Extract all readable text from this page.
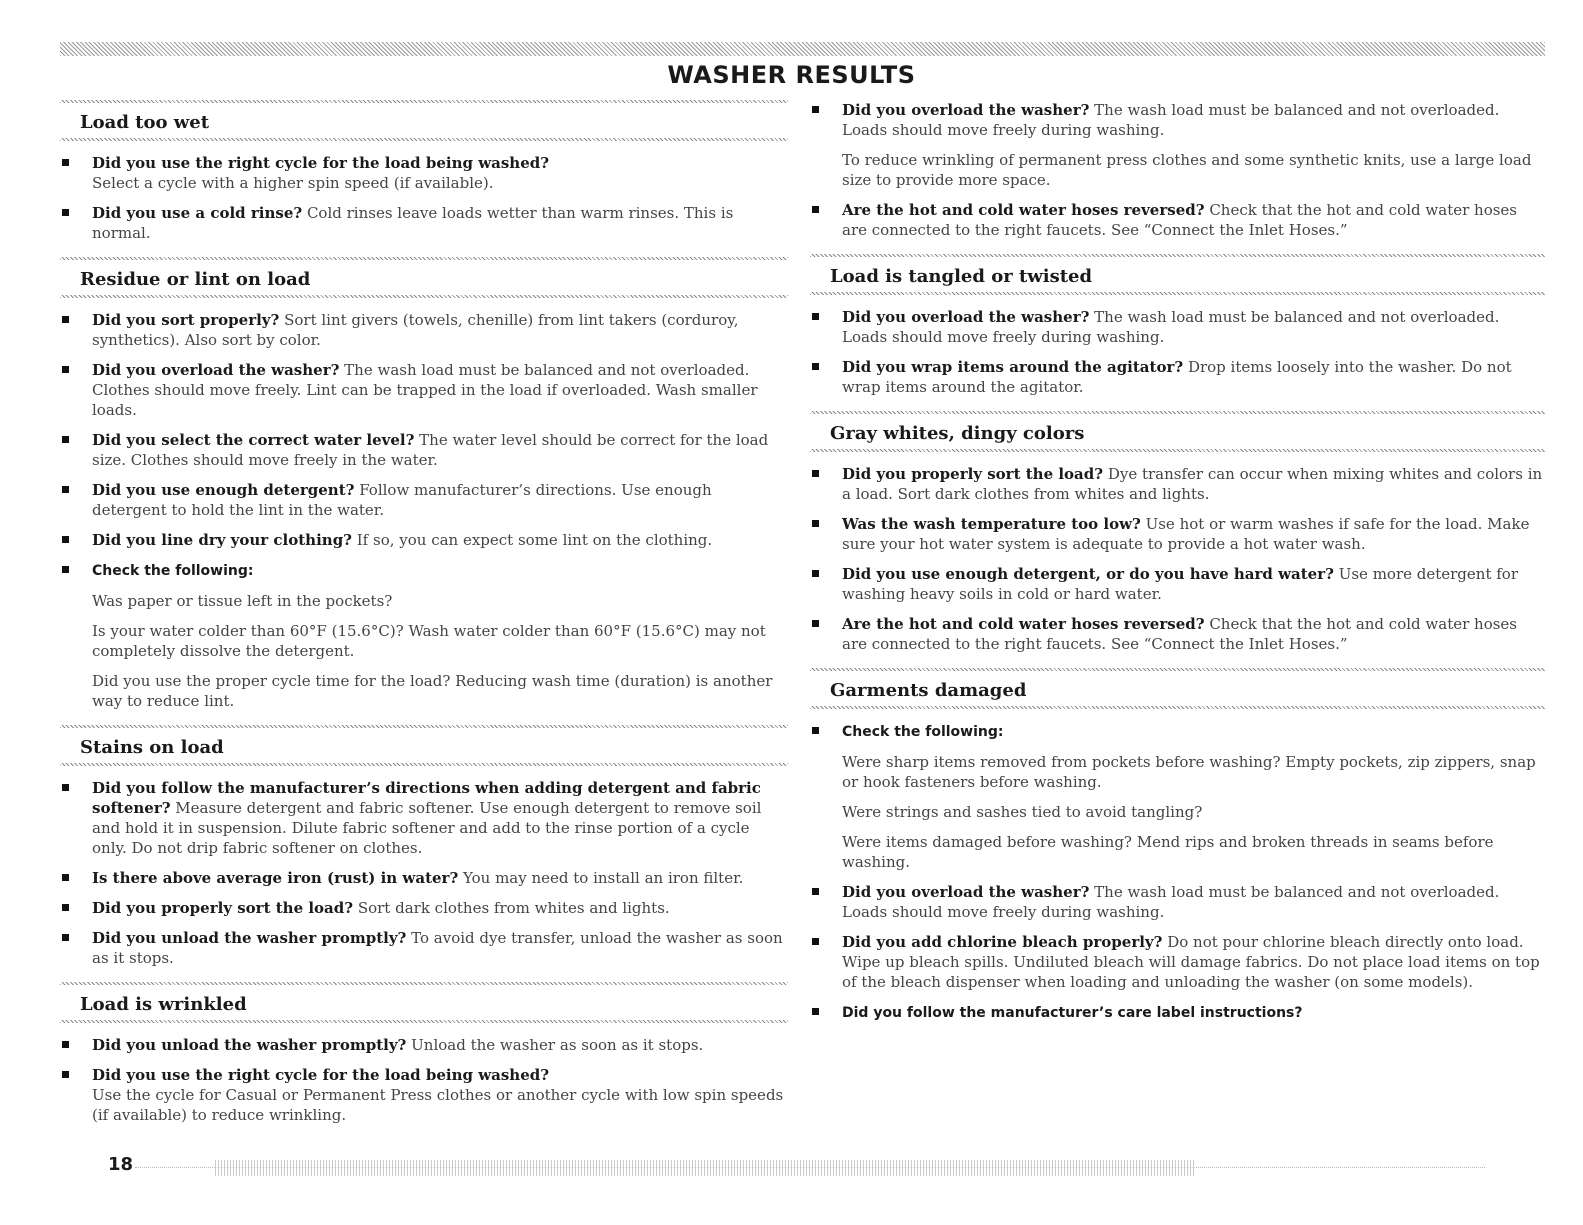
WASHER RESULTS
Load too wet
Did you use the right cycle for the load being washed?
Select a cycle with a higher spin speed (if available).
Did you use a cold rinse? Cold rinses leave loads wetter than warm rinses. This is normal.
Residue or lint on load
Did you sort properly? Sort lint givers (towels, chenille) from lint takers (corduroy, synthetics). Also sort by color.
Did you overload the washer? The wash load must be balanced and not overloaded. Clothes should move freely. Lint can be trapped in the load if overloaded. Wash smaller loads.
Did you select the correct water level? The water level should be correct for the load size. Clothes should move freely in the water.
Did you use enough detergent? Follow manufacturer’s directions. Use enough detergent to hold the lint in the water.
Did you line dry your clothing? If so, you can expect some lint on the clothing.
Check the following:
Was paper or tissue left in the pockets?
Is your water colder than 60°F (15.6°C)? Wash water colder than 60°F (15.6°C) may not completely dissolve the detergent.
Did you use the proper cycle time for the load? Reducing wash time (duration) is another way to reduce lint.
Stains on load
Did you follow the manufacturer’s directions when adding detergent and fabric softener? Measure detergent and fabric softener. Use enough detergent to remove soil and hold it in suspension. Dilute fabric softener and add to the rinse portion of a cycle only. Do not drip fabric softener on clothes.
Is there above average iron (rust) in water? You may need to install an iron filter.
Did you properly sort the load? Sort dark clothes from whites and lights.
Did you unload the washer promptly? To avoid dye transfer, unload the washer as soon as it stops.
Load is wrinkled
Did you unload the washer promptly? Unload the washer as soon as it stops.
Did you use the right cycle for the load being washed?
Use the cycle for Casual or Permanent Press clothes or another cycle with low spin speeds (if available) to reduce wrinkling.
Did you overload the washer? The wash load must be balanced and not overloaded. Loads should move freely during washing.
To reduce wrinkling of permanent press clothes and some synthetic knits, use a large load size to provide more space.
Are the hot and cold water hoses reversed? Check that the hot and cold water hoses are connected to the right faucets. See “Connect the Inlet Hoses.”
Load is tangled or twisted
Did you overload the washer? The wash load must be balanced and not overloaded. Loads should move freely during washing.
Did you wrap items around the agitator? Drop items loosely into the washer. Do not wrap items around the agitator.
Gray whites, dingy colors
Did you properly sort the load? Dye transfer can occur when mixing whites and colors in a load. Sort dark clothes from whites and lights.
Was the wash temperature too low? Use hot or warm washes if safe for the load. Make sure your hot water system is adequate to provide a hot water wash.
Did you use enough detergent, or do you have hard water? Use more detergent for washing heavy soils in cold or hard water.
Are the hot and cold water hoses reversed? Check that the hot and cold water hoses are connected to the right faucets. See “Connect the Inlet Hoses.”
Garments damaged
Check the following:
Were sharp items removed from pockets before washing? Empty pockets, zip zippers, snap or hook fasteners before washing.
Were strings and sashes tied to avoid tangling?
Were items damaged before washing? Mend rips and broken threads in seams before washing.
Did you overload the washer? The wash load must be balanced and not overloaded. Loads should move freely during washing.
Did you add chlorine bleach properly? Do not pour chlorine bleach directly onto load. Wipe up bleach spills. Undiluted bleach will damage fabrics. Do not place load items on top of the bleach dispenser when loading and unloading the washer (on some models).
Did you follow the manufacturer’s care label instructions?
18
